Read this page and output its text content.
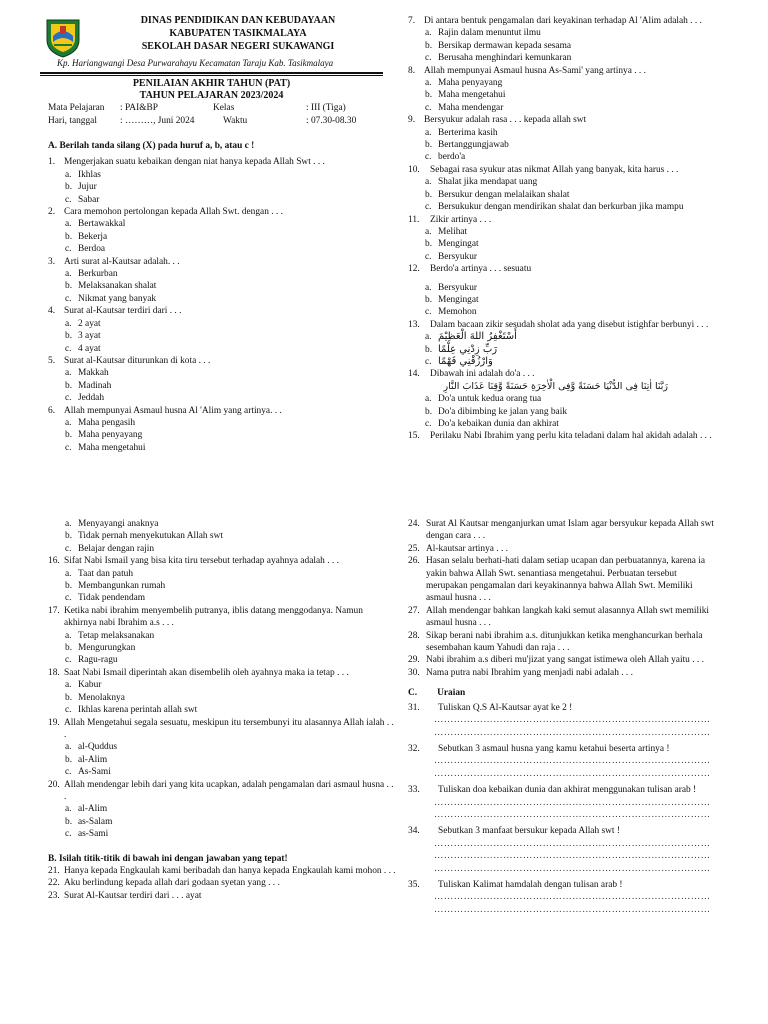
DINAS PENDIDIKAN DAN KEBUDAYAAN
KABUPATEN TASIKMALAYA
SEKOLAH DASAR NEGERI SUKAWANGI
Kp. Hariangwangi Desa Purwarahayu Kecamatan Taraju Kab. Tasikmalaya
PENILAIAN AKHIR TAHUN (PAT)
TAHUN PELAJARAN 2023/2024
Mata Pelajaran : PAI&BP	Kelas	: III (Tiga)
Hari, tanggal : ………, Juni 2024	Waktu	: 07.30-08.30
A. Berilah tanda silang (X) pada huruf a, b, atau c !
1. Mengerjakan suatu kebaikan dengan niat hanya kepada Allah Swt . . .
a. Ikhlas
b. Jujur
c. Sabar
2. Cara memohon pertolongan kepada Allah Swt. dengan . . .
a. Bertawakkal
b. Bekerja
c. Berdoa
3. Arti surat al-Kautsar adalah. . .
a. Berkurban
b. Melaksanakan shalat
c. Nikmat yang banyak
4. Surat al-Kautsar terdiri dari . . .
a. 2 ayat
b. 3 ayat
c. 4 ayat
5. Surat al-Kautsar diturunkan di kota . . .
a. Makkah
b. Madinah
c. Jeddah
6. Allah mempunyai Asmaul husna Al 'Alim yang artinya. . .
a. Maha pengasih
b. Maha penyayang
c. Maha mengetahui
7. Di antara bentuk pengamalan dari keyakinan terhadap Al 'Alim adalah . . .
a. Rajin dalam menuntut ilmu
b. Bersikap dermawan kepada sesama
c. Berusaha menghindari kemunkaran
8. Allah mempunyai Asmaul husna As-Sami' yang artinya . . .
a. Maha penyayang
b. Maha mengetahui
c. Maha mendengar
9. Bersyukur adalah rasa . . . kepada allah swt
a. Berterima kasih
b. Bertanggungjawab
c. berdo'a
10.	Sebagai rasa syukur atas nikmat Allah yang banyak, kita harus . . .
a. Shalat jika mendapat uang
b. Bersukur dengan melalaikan shalat
c. Bersukukur dengan mendirikan shalat dan berkurban jika mampu
11.	Zikir artinya . . .
a. Melihat
b. Mengingat
c. Bersyukur
12.	Berdo'a artinya . . . sesuatu
a. Bersyukur
b. Mengingat
c. Memohon
13.	Dalam bacaan zikir sesudah sholat ada yang disebut istighfar berbunyi . . .
a. أَسْتَغْفِرُ اللهَ الْعَظِيْمَ
b. رَبِّ زِدْنِي عِلْمًا
c. وَارْزُقْنِي فَهْمًا
14.	Dibawah ini adalah do'a . . .
رَبَّنَا اٰتِنَا فِى الدُّنْيَا حَسَنَةً وَّفِى الْاٰخِرَةِ حَسَنَةً وَّقِنَا عَذَابَ النَّارِ
a. Do'a untuk kedua orang tua
b. Do'a dibimbing ke jalan yang baik
c. Do'a kebaikan dunia dan akhirat
15.	Perilaku Nabi Ibrahim yang perlu kita teladani dalam hal akidah adalah . . .
a. Menyayangi anaknya
b. Tidak pernah menyekutukan Allah swt
c. Belajar dengan rajin
16. Sifat Nabi Ismail yang bisa kita tiru tersebut terhadap ayahnya adalah . . .
a. Taat dan patuh
b. Membangunkan rumah
c. Tidak pendendam
17. Ketika nabi ibrahim menyembelih putranya, iblis datang menggodanya. Namun akhirnya nabi Ibrahim a.s . . .
a. Tetap melaksanakan
b. Mengurungkan
c. Ragu-ragu
18. Saat Nabi Ismail diperintah akan disembelih oleh ayahnya maka ia tetap . . .
a. Kabur
b. Menolaknya
c. Ikhlas karena perintah allah swt
19. Allah Mengetahui segala sesuatu, meskipun itu tersembunyi itu alasannya Allah ialah . . .
a. al-Quddus
b. al-Alim
c. As-Sami
20. Allah mendengar lebih dari yang kita ucapkan, adalah pengamalan dari asmaul husna . . .
a. al-Alim
b. as-Salam
c. as-Sami
B. Isilah titik-titik di bawah ini dengan jawaban yang tepat!
21. Hanya kepada Engkaulah kami beribadah dan hanya kepada Engkaulah kami mohon . . .
22. Aku berlindung kepada allah dari godaan syetan yang . . .
23. Surat Al-Kautsar terdiri dari . . . ayat
24. Surat Al Kautsar menganjurkan umat Islam agar bersyukur kepada Allah swt dengan cara . . .
25. Al-kautsar artinya . . .
26. Hasan selalu berhati-hati dalam setiap ucapan dan perbuatannya, karena ia yakin bahwa Allah Swt. senantiasa mengetahui. Perbuatan tersebut merupakan pengamalan dari keyakinannya bahwa Allah Swt. Memiliki asmaul husna . . .
27. Allah mendengar bahkan langkah kaki semut alasannya Allah swt memiliki asmaul husna . . .
28. Sikap berani nabi ibrahim a.s. ditunjukkan ketika menghancurkan berhala sesembahan kaum Yahudi dan raja . . .
29. Nabi ibrahim a.s diberi mu'jizat yang sangat istimewa oleh Allah yaitu . . .
30. Nama putra nabi Ibrahim yang menjadi nabi adalah . . .
C. Uraian
31.	Tuliskan Q.S Al-Kautsar ayat ke 2 !
…………………………………………………………………………
…………………………………………………………………………
32.	Sebutkan 3 asmaul husna yang kamu ketahui beserta artinya !
…………………………………………………………………………
…………………………………………………………………………
33.	Tuliskan doa kebaikan dunia dan akhirat menggunakan tulisan arab !
…………………………………………………………………………
…………………………………………………………………………
34.	Sebutkan 3 manfaat bersukur kepada Allah swt !
…………………………………………………………………………
…………………………………………………………………………
…………………………………………………………………………
35.	Tuliskan Kalimat hamdalah dengan tulisan arab !
…………………………………………………………………………
…………………………………………………………………………
